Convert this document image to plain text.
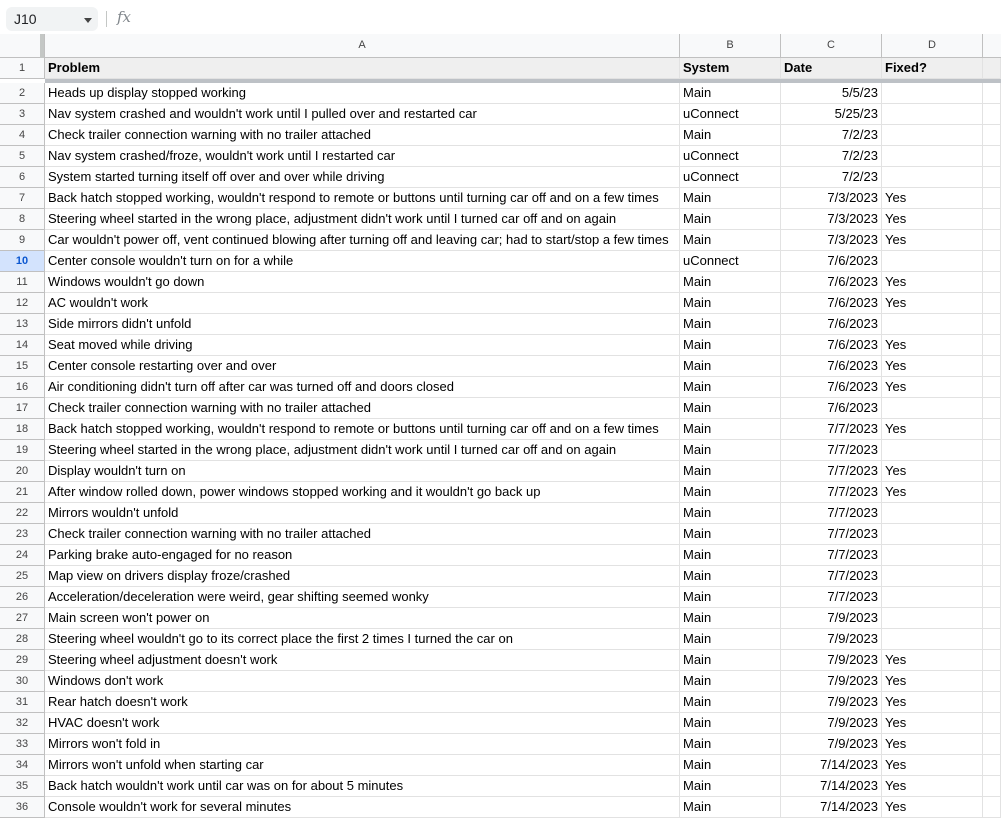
J10	fx
A	B	C	D
1	Problem	System	Date	Fixed?
2	Heads up display stopped working	Main	5/5/23
3	Nav system crashed and wouldn't work until I pulled over and restarted car	uConnect	5/25/23
4	Check trailer connection warning with no trailer attached	Main	7/2/23
5	Nav system crashed/froze, wouldn't work until I restarted car	uConnect	7/2/23
6	System started turning itself off over and over while driving	uConnect	7/2/23
7	Back hatch stopped working, wouldn't respond to remote or buttons until turning car off and on a few times	Main	7/3/2023 Yes
8	Steering wheel started in the wrong place, adjustment didn't work until I turned car off and on again	Main	7/3/2023 Yes
9	Car wouldn't power off, vent continued blowing after turning off and leaving car; had to start/stop a few times	Main	7/3/2023 Yes
10	Center console wouldn't turn on for a while	uConnect	7/6/2023
11	Windows wouldn't go down	Main	7/6/2023 Yes
12	AC wouldn't work	Main	7/6/2023 Yes
13	Side mirrors didn't unfold	Main	7/6/2023
14	Seat moved while driving	Main	7/6/2023 Yes
15	Center console restarting over and over	Main	7/6/2023 Yes
16	Air conditioning didn't turn off after car was turned off and doors closed	Main	7/6/2023 Yes
17	Check trailer connection warning with no trailer attached	Main	7/6/2023
18	Back hatch stopped working, wouldn't respond to remote or buttons until turning car off and on a few times	Main	7/7/2023 Yes
19	Steering wheel started in the wrong place, adjustment didn't work until I turned car off and on again	Main	7/7/2023
20	Display wouldn't turn on	Main	7/7/2023 Yes
21	After window rolled down, power windows stopped working and it wouldn't go back up	Main	7/7/2023 Yes
22	Mirrors wouldn't unfold	Main	7/7/2023
23	Check trailer connection warning with no trailer attached	Main	7/7/2023
24	Parking brake auto-engaged for no reason	Main	7/7/2023
25	Map view on drivers display froze/crashed	Main	7/7/2023
26	Acceleration/deceleration were weird, gear shifting seemed wonky	Main	7/7/2023
27	Main screen won't power on	Main	7/9/2023
28	Steering wheel wouldn't go to its correct place the first 2 times I turned the car on	Main	7/9/2023
29	Steering wheel adjustment doesn't work	Main	7/9/2023 Yes
30	Windows don't work	Main	7/9/2023 Yes
31	Rear hatch doesn't work	Main	7/9/2023 Yes
32	HVAC doesn't work	Main	7/9/2023 Yes
33	Mirrors won't fold in	Main	7/9/2023 Yes
34	Mirrors won't unfold when starting car	Main	7/14/2023 Yes
35	Back hatch wouldn't work until car was on for about 5 minutes	Main	7/14/2023 Yes
36	Console wouldn't work for several minutes	Main	7/14/2023 Yes
